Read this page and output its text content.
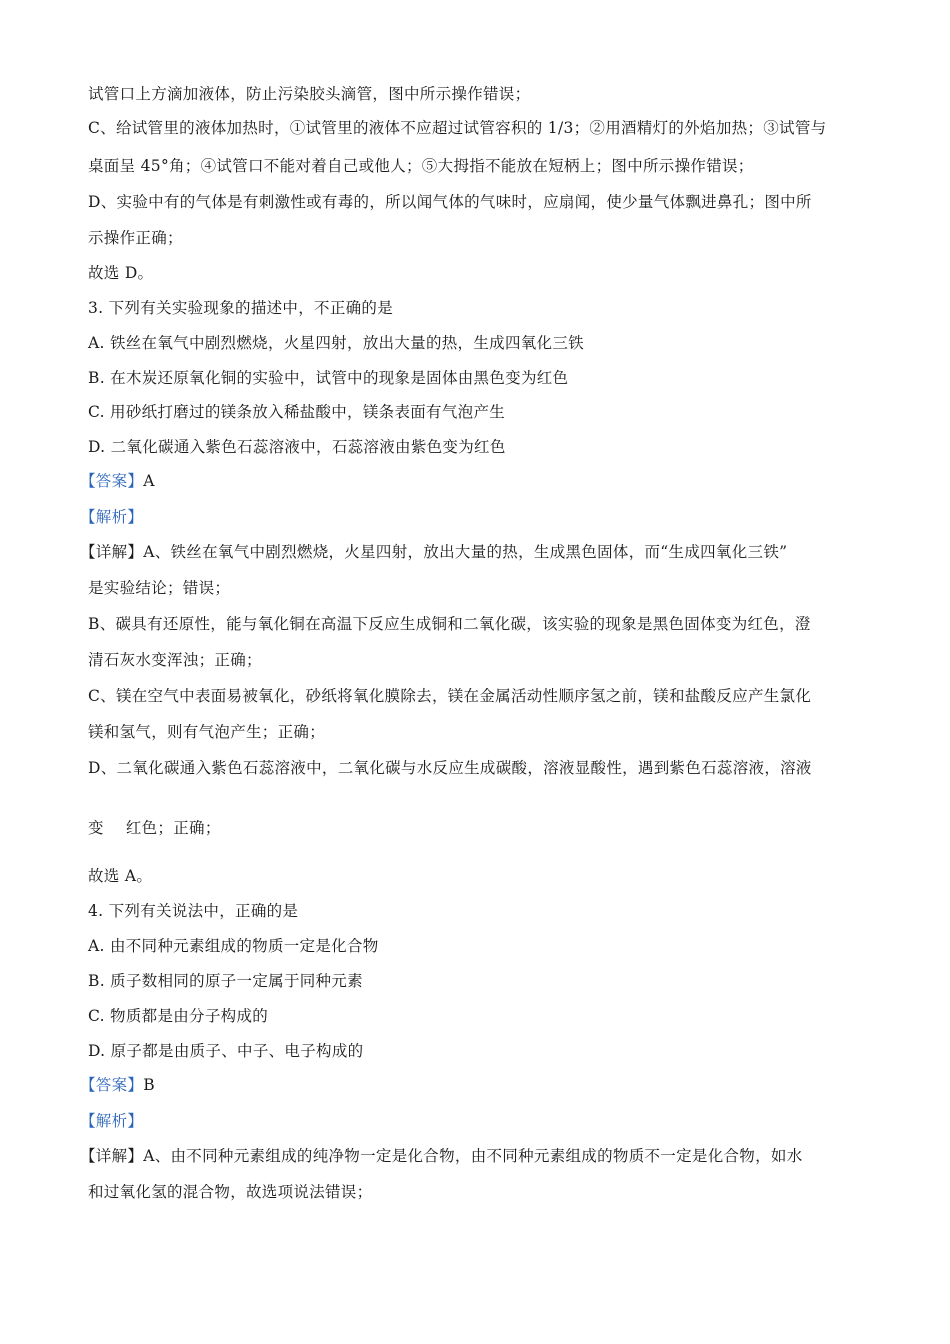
试管口上方滴加液体，防止污染胶头滴管，图中所示操作错误；
C、给试管里的液体加热时，①试管里的液体不应超过试管容积的 1/3；②用酒精灯的外焰加热；③试管与
桌面呈 45°角；④试管口不能对着自己或他人；⑤大拇指不能放在短柄上；图中所示操作错误；
D、实验中有的气体是有刺激性或有毒的，所以闻气体的气味时，应扇闻，使少量气体飘进鼻孔；图中所
示操作正确；
故选 D。
3. 下列有关实验现象的描述中，不正确的是
A. 铁丝在氧气中剧烈燃烧，火星四射，放出大量的热，生成四氧化三铁
B. 在木炭还原氧化铜的实验中，试管中的现象是固体由黑色变为红色
C. 用砂纸打磨过的镁条放入稀盐酸中，镁条表面有气泡产生
D. 二氧化碳通入紫色石蕊溶液中，石蕊溶液由紫色变为红色
【答案】A
【解析】
【详解】A、铁丝在氧气中剧烈燃烧，火星四射，放出大量的热，生成黑色固体，而“生成四氧化三铁”
是实验结论；错误；
B、碳具有还原性，能与氧化铜在高温下反应生成铜和二氧化碳，该实验的现象是黑色固体变为红色，澄
清石灰水变浑浊；正确；
C、镁在空气中表面易被氧化，砂纸将氧化膜除去，镁在金属活动性顺序氢之前，镁和盐酸反应产生氯化
镁和氢气，则有气泡产生；正确；
D、二氧化碳通入紫色石蕊溶液中，二氧化碳与水反应生成碳酸，溶液显酸性，遇到紫色石蕊溶液，溶液
变 红色；正确；
故选 A。
4. 下列有关说法中，正确的是
A. 由不同种元素组成的物质一定是化合物
B. 质子数相同的原子一定属于同种元素
C. 物质都是由分子构成的
D. 原子都是由质子、中子、电子构成的
【答案】B
【解析】
【详解】A、由不同种元素组成的纯净物一定是化合物，由不同种元素组成的物质不一定是化合物，如水
和过氧化氢的混合物，故选项说法错误；
